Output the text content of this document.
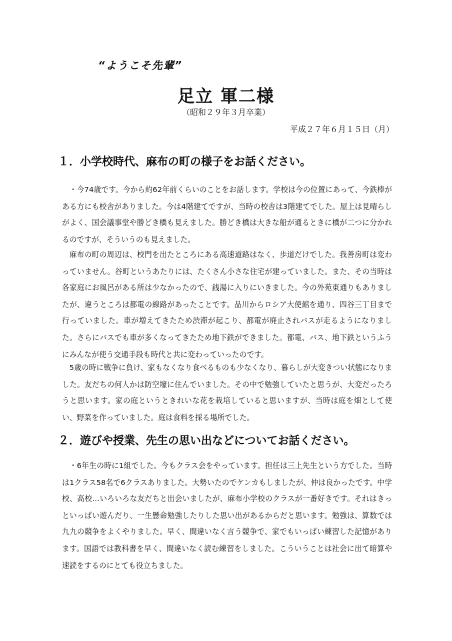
“ようこそ先輩”
足立 軍二様
（昭和２９年３月卒業）
平成２７年６月１５日（月）
１．小学校時代、麻布の町の様子をお話ください。

・今74歳です。今から約62年前くらいのことをお話します。学校は今の位置にあって、今鉄棒がある方にも校舎がありました。今は4階建てですが、当時の校舎は3階建てでした。屋上は見晴らしがよく、国会議事堂や勝どき橋も見えました。勝どき橋は大きな船が通るときに橋が二つに分かれるのですが、そういうのも見えました。

麻布の町の周辺は、校門を出たところにある高速道路はなく、歩道だけでした。我善房町は変わっていません。谷町というあたりには、たくさん小さな住宅が建っていました。また、その当時は各家庭にお風呂がある所は少なかったので、銭湯に入りにいきました。今の外苑東通りもありましたが、違うところは都電の線路があったことです。品川からロシア大使館を通り、四谷三丁目まで行っていました。車が増えてきたため渋滞が起こり、都電が廃止されバスが走るようになりました。さらにバスでも車が多くなってきたため地下鉄ができました。都電、バス、地下鉄というふうにみんなが使う交通手段も時代と共に変わっていったのです。

5歳の時に戦争に負け、家もなくなり食べるものも少なくなり、暮らしが大変きつい状態になりました。友だちの何人かは防空壕に住んでいました。その中で勉強していたと思うが、大変だったろうと思います。家の庭というときれいな花を栽培していると思いますが、当時は庭を畑として使い、野菜を作っていました。庭は食料を採る場所でした。

２．遊びや授業、先生の思い出などについてお話ください。

・6年生の時に1組でした。今もクラス会をやっています。担任は三上先生という方でした。当時は1クラス58名で6クラスありました。大勢いたのでケンカもしましたが、仲は良かったです。中学校、高校…いろいろな友だちと出会いましたが、麻布小学校のクラスが一番好きです。それはきっといっぱい遊んだり、一生懸命勉強したりした思い出があるからだと思います。勉強は、算数では九九の競争をよくやりました。早く、間違いなく言う競争で、家でもいっぱい練習した記憶があります。国語では教科書を早く、間違いなく読む練習をしました。こういうことは社会に出て暗算や速読をするのにとても役立ちました。
